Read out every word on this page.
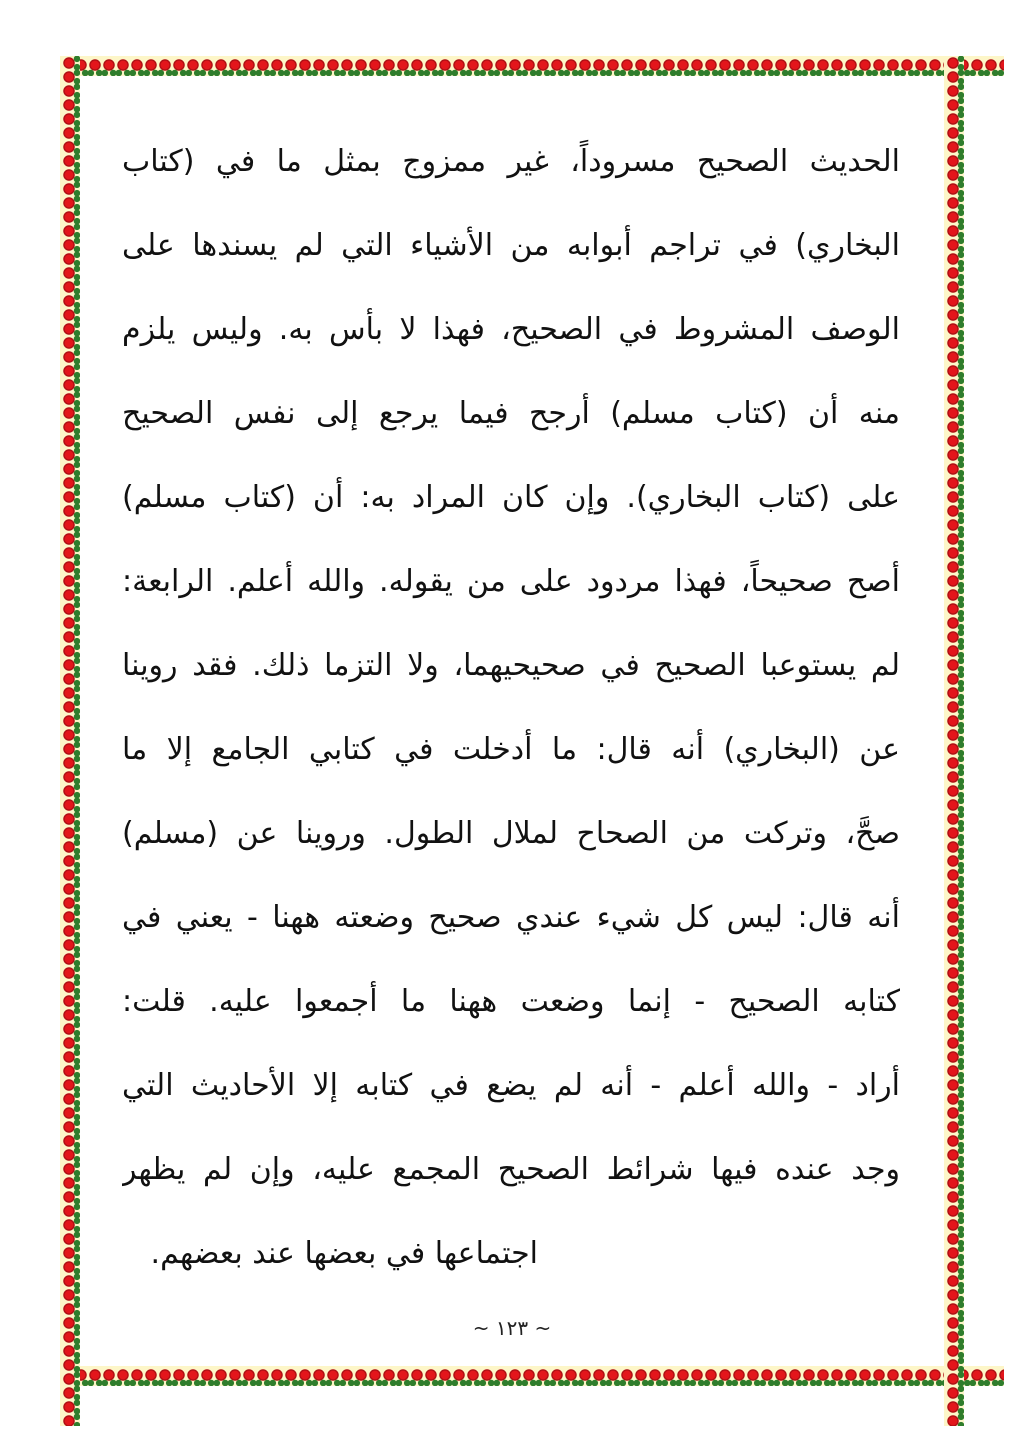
الحديث الصحيح مسروداً، غير ممزوج بمثل ما في (كتاب
البخاري) في تراجم أبوابه من الأشياء التي لم يسندها على
الوصف المشروط في الصحيح، فهذا لا بأس به. وليس يلزم
منه أن (كتاب مسلم) أرجح فيما يرجع إلى نفس الصحيح
على (كتاب البخاري). وإن كان المراد به: أن (كتاب مسلم)
أصح صحيحاً، فهذا مردود على من يقوله. والله أعلم. الرابعة:
لم يستوعبا الصحيح في صحيحيهما، ولا التزما ذلك. فقد روينا
عن (البخاري) أنه قال: ما أدخلت في كتابي الجامع إلا ما
صحَّ، وتركت من الصحاح لملال الطول. وروينا عن (مسلم)
أنه قال: ليس كل شيء عندي صحيح وضعته ههنا - يعني في
كتابه الصحيح - إنما وضعت ههنا ما أجمعوا عليه. قلت:
أراد - والله أعلم - أنه لم يضع في كتابه إلا الأحاديث التي
وجد عنده فيها شرائط الصحيح المجمع عليه، وإن لم يظهر
اجتماعها في بعضها عند بعضهم.
~ ١٢٣ ~
